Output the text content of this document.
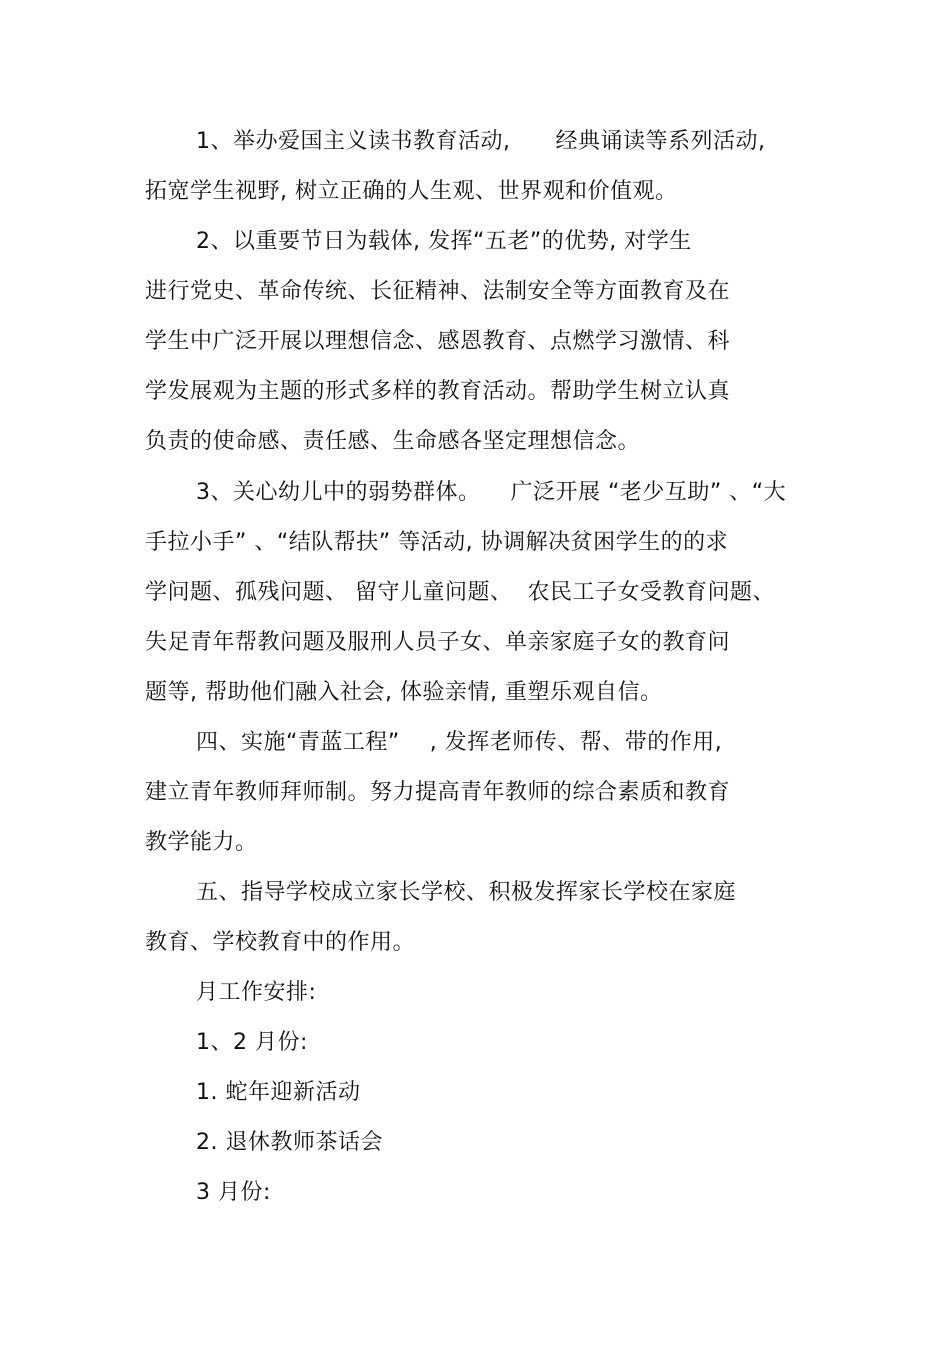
1、举办爱国主义读书教育活动,      经典诵读等系列活动,
拓宽学生视野, 树立正确的人生观、世界观和价值观。
2、以重要节日为载体, 发挥“五老”的优势, 对学生
进行党史、革命传统、长征精神、法制安全等方面教育及在
学生中广泛开展以理想信念、感恩教育、点燃学习激情、科
学发展观为主题的形式多样的教育活动。帮助学生树立认真
负责的使命感、责任感、生命感各坚定理想信念。
3、关心幼儿中的弱势群体。    广泛开展 “老少互助” 、“大
手拉小手” 、“结队帮扶” 等活动, 协调解决贫困学生的的求
学问题、孤残问题、 留守儿童问题、  农民工子女受教育问题、
失足青年帮教问题及服刑人员子女、单亲家庭子女的教育问
题等, 帮助他们融入社会, 体验亲情, 重塑乐观自信。
四、实施“青蓝工程”    , 发挥老师传、帮、带的作用,
建立青年教师拜师制。努力提高青年教师的综合素质和教育
教学能力。
五、指导学校成立家长学校、积极发挥家长学校在家庭
教育、学校教育中的作用。
月工作安排:
1、2 月份:
1. 蛇年迎新活动
2. 退休教师茶话会
3 月份:
